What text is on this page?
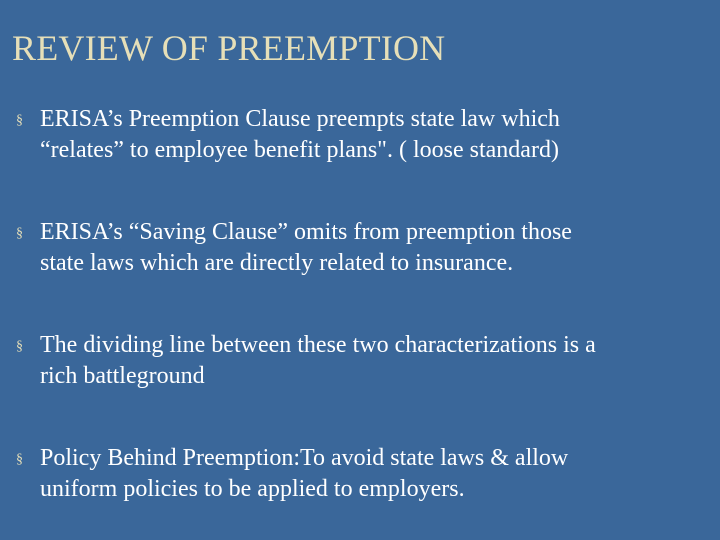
REVIEW OF PREEMPTION
§ ERISA’s Preemption Clause preempts state law which
“relates” to employee benefit plans". ( loose standard)
§ ERISA’s “Saving Clause” omits from preemption those
state laws which are directly related to insurance.
§ The dividing line between these two characterizations is a
rich battleground
§ Policy Behind Preemption:To avoid state laws & allow
uniform policies to be applied to employers.
